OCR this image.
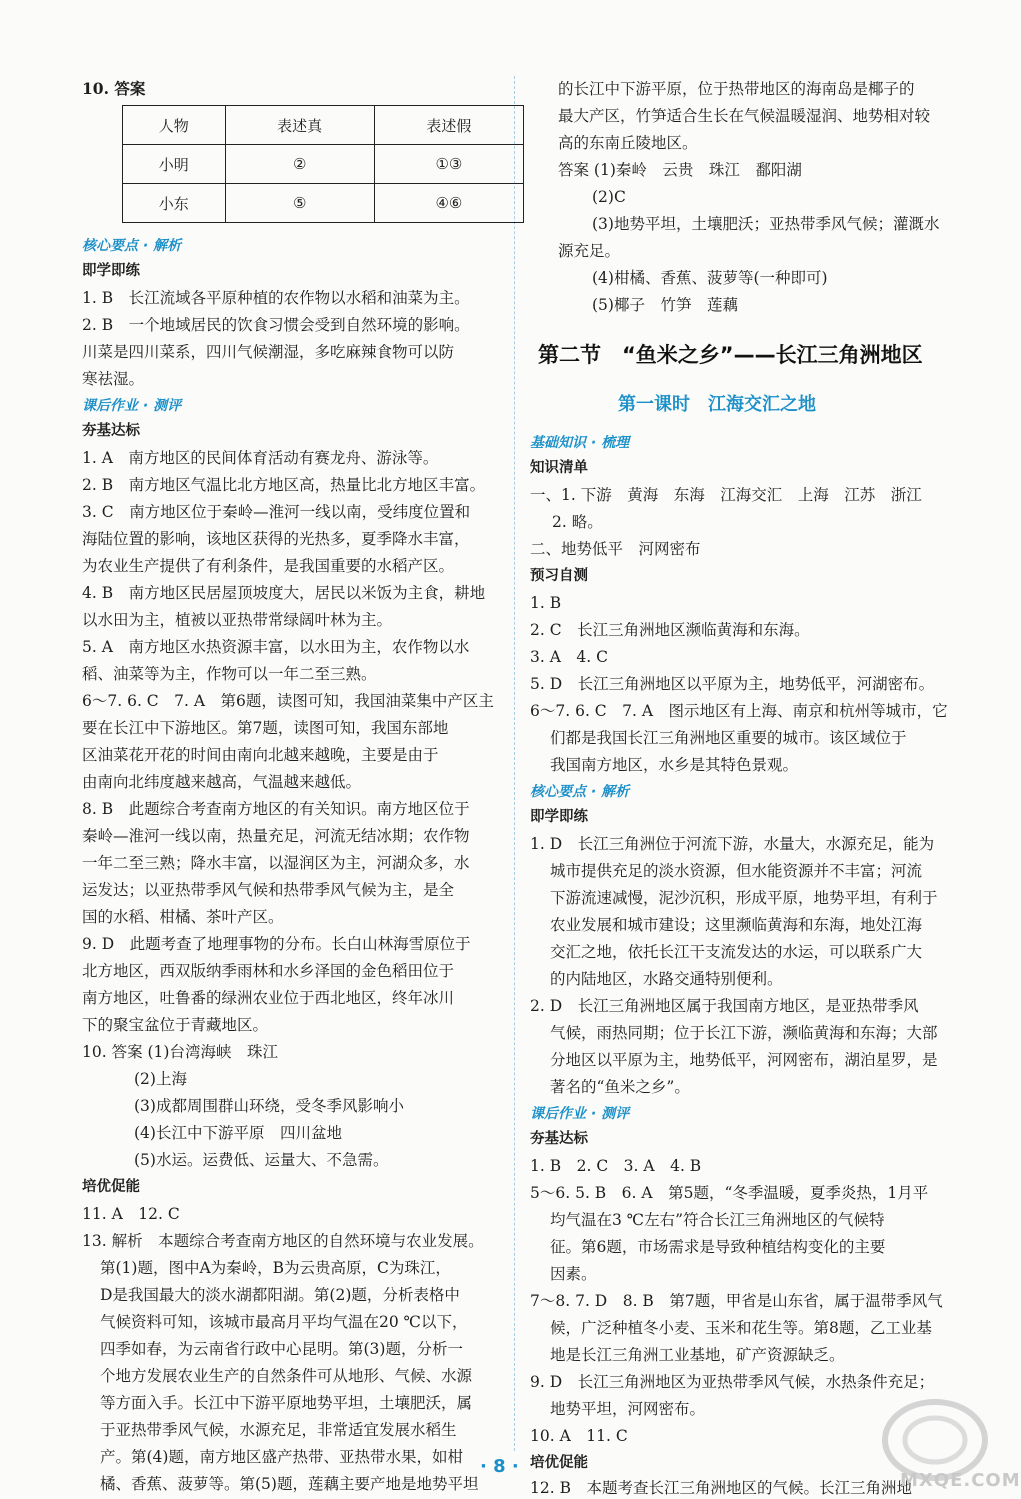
10. 答案
核心要点 · 解析
即学即练
1. B　长江流域各平原种植的农作物以水稻和油菜为主。
2. B　一个地域居民的饮食习惯会受到自然环境的影响。
川菜是四川菜系，四川气候潮湿，多吃麻辣食物可以防
寒祛湿。
课后作业 · 测评
夯基达标
1. A　南方地区的民间体育活动有赛龙舟、游泳等。
2. B　南方地区气温比北方地区高，热量比北方地区丰富。
3. C　南方地区位于秦岭—淮河一线以南，受纬度位置和
海陆位置的影响，该地区获得的光热多，夏季降水丰富，
为农业生产提供了有利条件，是我国重要的水稻产区。
4. B　南方地区民居屋顶坡度大，居民以米饭为主食，耕地
以水田为主，植被以亚热带常绿阔叶林为主。
5. A　南方地区水热资源丰富，以水田为主，农作物以水
稻、油菜等为主，作物可以一年二至三熟。
6～7. 6. C　7. A　第6题，读图可知，我国油菜集中产区主
要在长江中下游地区。第7题，读图可知，我国东部地
区油菜花开花的时间由南向北越来越晚，主要是由于
由南向北纬度越来越高，气温越来越低。
8. B　此题综合考查南方地区的有关知识。南方地区位于
秦岭—淮河一线以南，热量充足，河流无结冰期；农作物
一年二至三熟；降水丰富，以湿润区为主，河湖众多，水
运发达；以亚热带季风气候和热带季风气候为主，是全
国的水稻、柑橘、茶叶产区。
9. D　此题考查了地理事物的分布。长白山林海雪原位于
北方地区，西双版纳季雨林和水乡泽国的金色稻田位于
南方地区，吐鲁番的绿洲农业位于西北地区，终年冰川
下的聚宝盆位于青藏地区。
10. 答案 (1)台湾海峡　珠江
(2)上海
(3)成都周围群山环绕，受冬季风影响小
(4)长江中下游平原　四川盆地
(5)水运。运费低、运量大、不急需。
培优促能
11. A　12. C
13. 解析　本题综合考查南方地区的自然环境与农业发展。
第(1)题，图中A为秦岭，B为云贵高原，C为珠江，
D是我国最大的淡水湖都阳湖。第(2)题，分析表格中
气候资料可知，该城市最高月平均气温在20 ℃以下，
四季如春，为云南省行政中心昆明。第(3)题，分析一
个地方发展农业生产的自然条件可从地形、气候、水源
等方面入手。长江中下游平原地势平坦，土壤肥沃，属
于亚热带季风气候，水源充足，非常适宜发展水稻生
产。第(4)题，南方地区盛产热带、亚热带水果，如柑
橘、香蕉、菠萝等。第(5)题，莲藕主要产地是地势平坦
的长江中下游平原，位于热带地区的海南岛是椰子的
最大产区，竹笋适合生长在气候温暖湿润、地势相对较
高的东南丘陵地区。
答案 (1)秦岭　云贵　珠江　鄱阳湖
(2)C
(3)地势平坦，土壤肥沃；亚热带季风气候；灌溉水
源充足。
(4)柑橘、香蕉、菠萝等(一种即可)
(5)椰子　竹笋　莲藕
第二节　“鱼米之乡”——长江三角洲地区
第一课时　江海交汇之地
基础知识 · 梳理
知识清单
一、1. 下游　黄海　东海　江海交汇　上海　江苏　浙江
2. 略。
二、地势低平　河网密布
预习自测
1. B
2. C　长江三角洲地区濒临黄海和东海。
3. A　4. C
5. D　长江三角洲地区以平原为主，地势低平，河湖密布。
6～7. 6. C　7. A　图示地区有上海、南京和杭州等城市，它
们都是我国长江三角洲地区重要的城市。该区域位于
我国南方地区，水乡是其特色景观。
核心要点 · 解析
即学即练
1. D　长江三角洲位于河流下游，水量大，水源充足，能为
城市提供充足的淡水资源，但水能资源并不丰富；河流
下游流速减慢，泥沙沉积，形成平原，地势平坦，有利于
农业发展和城市建设；这里濒临黄海和东海，地处江海
交汇之地，依托长江干支流发达的水运，可以联系广大
的内陆地区，水路交通特别便利。
2. D　长江三角洲地区属于我国南方地区，是亚热带季风
气候，雨热同期；位于长江下游，濒临黄海和东海；大部
分地区以平原为主，地势低平，河网密布，湖泊星罗，是
著名的“鱼米之乡”。
课后作业 · 测评
夯基达标
1. B　2. C　3. A　4. B
5～6. 5. B　6. A　第5题，“冬季温暖，夏季炎热，1月平
均气温在3 ℃左右”符合长江三角洲地区的气候特
征。第6题，市场需求是导致种植结构变化的主要
因素。
7～8. 7. D　8. B　第7题，甲省是山东省，属于温带季风气
候，广泛种植冬小麦、玉米和花生等。第8题，乙工业基
地是长江三角洲工业基地，矿产资源缺乏。
9. D　长江三角洲地区为亚热带季风气候，水热条件充足；
地势平坦，河网密布。
10. A　11. C
培优促能
12. B　本题考查长江三角洲地区的气候。长江三角洲地
人物	表述真	表述假
小明	②	①③
小东	⑤	④⑥
· 8 ·
MXQE.COM
